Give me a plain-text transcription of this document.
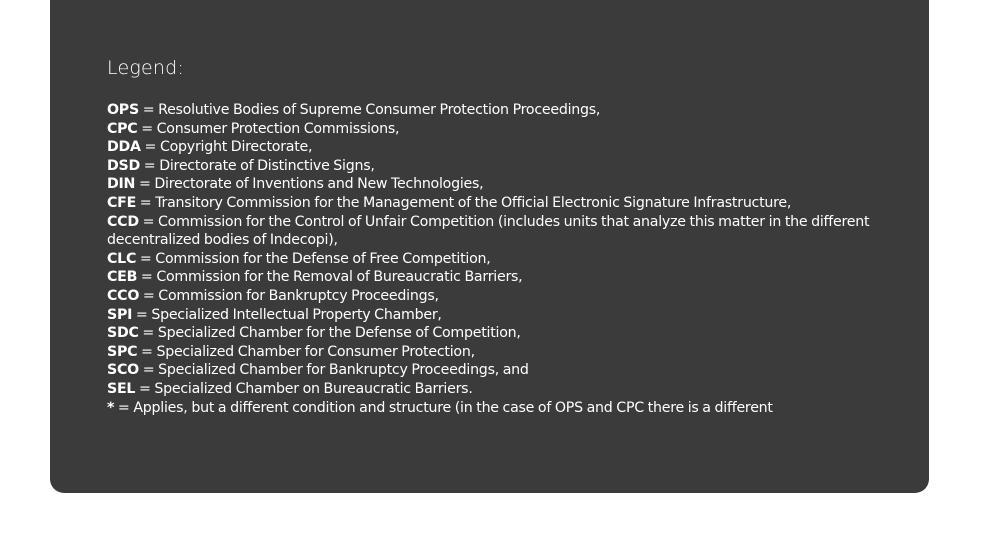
Legend:
OPS = Resolutive Bodies of Supreme Consumer Protection Proceedings,
CPC = Consumer Protection Commissions,
DDA = Copyright Directorate,
DSD = Directorate of Distinctive Signs,
DIN = Directorate of Inventions and New Technologies,
CFE = Transitory Commission for the Management of the Official Electronic Signature Infrastructure,
CCD = Commission for the Control of Unfair Competition (includes units that analyze this matter in the different decentralized bodies of Indecopi),
CLC = Commission for the Defense of Free Competition,
CEB = Commission for the Removal of Bureaucratic Barriers,
CCO = Commission for Bankruptcy Proceedings,
SPI = Specialized Intellectual Property Chamber,
SDC = Specialized Chamber for the Defense of Competition,
SPC = Specialized Chamber for Consumer Protection,
SCO = Specialized Chamber for Bankruptcy Proceedings, and
SEL = Specialized Chamber on Bureaucratic Barriers.
* = Applies, but a different condition and structure (in the case of OPS and CPC there is a different
